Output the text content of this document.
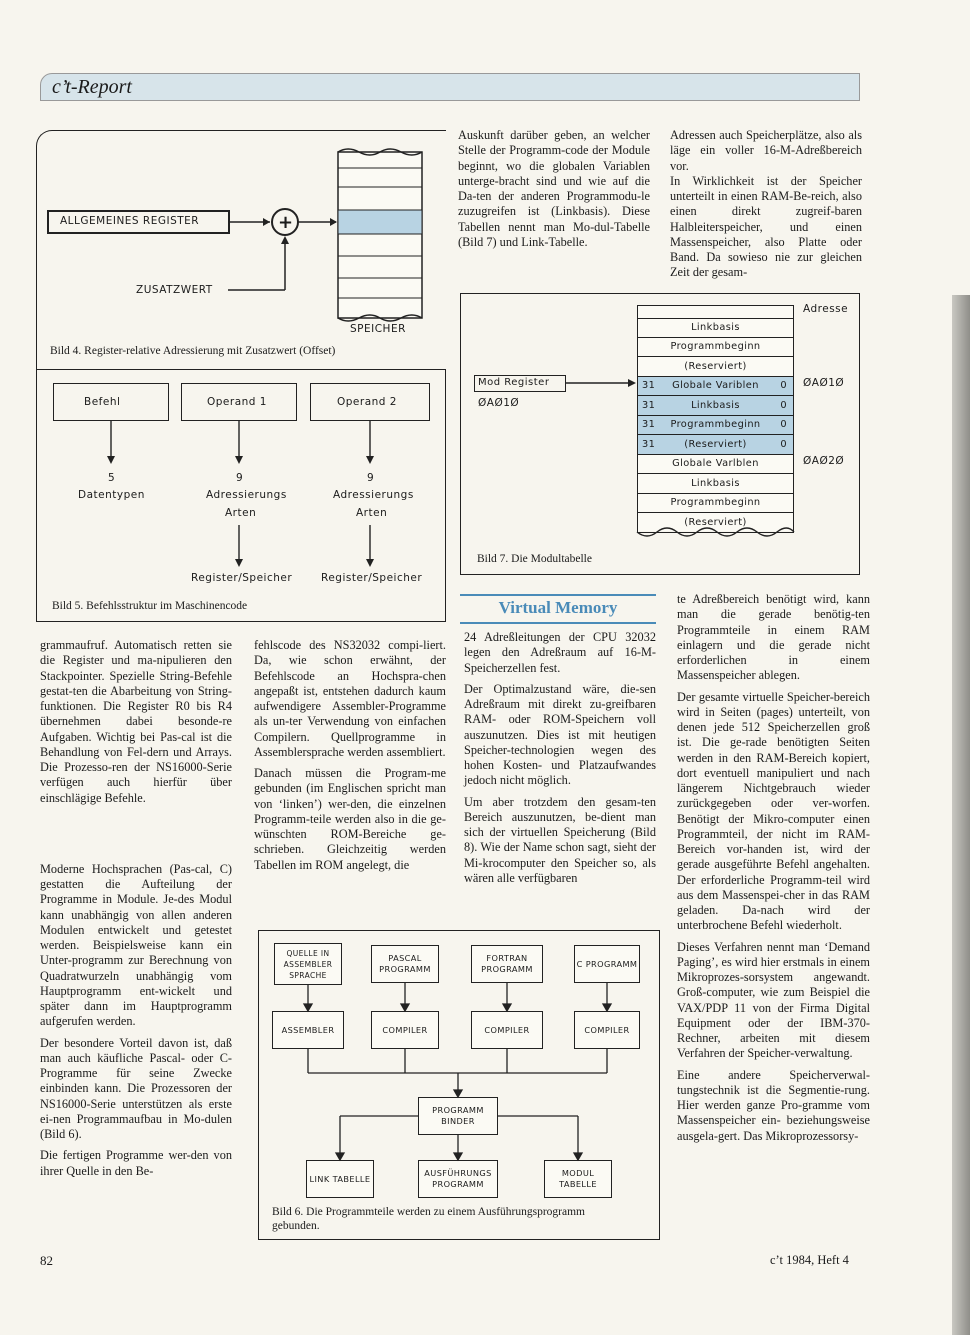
c’t-Report
ALLGEMEINES REGISTER	+
ZUSATZWERT
SPEICHER
Bild 4. Register-relative Adressierung mit Zusatzwert (Offset)
Befehl	Operand 1	Operand 2
5	9	9
Datentypen	Adressierungs	Adressierungs
Arten	Arten
Register/Speicher	Register/Speicher
Bild 5. Befehlsstruktur im Maschinencode
Auskunft darüber geben, an welcher Stelle der Programm-code der Module beginnt, wo die globalen Variablen unterge-bracht sind und wie auf die Da-ten der anderen Programmodu-le zuzugreifen ist (Linkbasis). Diese Tabellen nennt man Mo-dul-Tabelle (Bild 7) und Link-Tabelle.
Adressen auch Speicherplätze, also als läge ein voller 16-M-Adreßbereich vor.
In Wirklichkeit ist der Speicher unterteilt in einen RAM-Be-reich, also einen direkt zugreif-baren Halbleiterspeicher, und einen Massenspeicher, also Platte oder Band. Da sowieso nie zur gleichen Zeit der gesam-
Linkbasis
Programmbeginn
(Reserviert)
31 Globale Variblen 0
31	Linkbasis	0
31 Programmbeginn 0
31	(Reserviert)	0
Globale Varlblen
Linkbasis
Programmbeginn
(Reserviert)
Adresse
Mod Register
ØAØ1Ø
ØAØ1Ø
ØAØ2Ø
Bild 7. Die Modultabelle
Virtual Memory

grammaufruf. Automatisch retten sie die Register und ma-nipulieren den Stackpointer. Spezielle String-Befehle gestat-ten die Abarbeitung von String-funktionen. Die Register R0 bis R4 übernehmen dabei besonde-re Aufgaben. Wichtig bei Pas-cal ist die Behandlung von Fel-dern und Arrays. Die Prozesso-ren der NS16000-Serie verfügen auch hierfür über einschlägige Befehle.

Moderne Hochsprachen (Pas-cal, C) gestatten die Aufteilung der Programme in Module. Je-des Modul kann unabhängig von allen anderen Modulen entwickelt und getestet werden. Beispielsweise kann ein Unter-programm zur Berechnung von Quadratwurzeln unabhängig vom Hauptprogramm ent-wickelt und später dann im Hauptprogramm aufgerufen werden.

Der besondere Vorteil davon ist, daß man auch käufliche Pascal- oder C-Programme für seine Zwecke einbinden kann. Die Prozessoren der NS16000-Serie unterstützen als erste ei-nen Programmaufbau in Mo-dulen (Bild 6).

Die fertigen Programme wer-den von ihrer Quelle in den Be-

fehlscode des NS32032 compi-liert. Da, wie schon erwähnt, der Befehlscode an Hochspra-chen angepaßt ist, entstehen dadurch kaum aufwendigere Assembler-Programme als un-ter Verwendung von einfachen Compilern. Quellprogramme in Assemblersprache werden assembliert.

Danach müssen die Program-me gebunden (im Englischen spricht man von ‘linken’) wer-den, die einzelnen Programm-teile werden also in die ge-wünschten ROM-Bereiche ge-schrieben. Gleichzeitig werden Tabellen im ROM angelegt, die

24 Adreßleitungen der CPU 32032 legen den Adreßraum auf 16-M-Speicherzellen fest.

Der Optimalzustand wäre, die-sen Adreßraum mit direkt zu-greifbaren RAM- oder ROM-Speichern voll auszunutzen. Dies ist mit heutigen Speicher-technologien wegen des hohen Kosten- und Platzaufwandes jedoch nicht möglich.

Um aber trotzdem den gesam-ten Bereich auszunutzen, be-dient man sich der virtuellen Speicherung (Bild 8). Wie der Name schon sagt, sieht der Mi-krocomputer den Speicher so, als wären alle verfügbaren

te Adreßbereich benötigt wird, kann man die gerade benötig-ten Programmteile in einem RAM einlagern und die gerade nicht erforderlichen in einem Massenspeicher ablegen.

Der gesamte virtuelle Speicher-bereich wird in Seiten (pages) unterteilt, von denen jede 512 Speicherzellen groß ist. Die ge-rade benötigten Seiten werden in den RAM-Bereich kopiert, dort eventuell manipuliert und nach längerem Nichtgebrauch wieder zurückgegeben oder ver-worfen. Benötigt der Mikro-computer einen Programmteil, der nicht im RAM-Bereich vor-handen ist, wird der gerade ausgeführte Befehl angehalten. Der erforderliche Programm-teil wird aus dem Massenspei-cher in das RAM geladen. Da-nach wird der unterbrochene Befehl wiederholt.

Dieses Verfahren nennt man ‘Demand Paging’, es wird hier erstmals in einem Mikroprozes-sorsystem angewandt. Groß-computer, wie zum Beispiel die VAX/PDP 11 von der Firma Digital Equipment oder der IBM-370-Rechner, arbeiten mit diesem Verfahren der Speicher-verwaltung.

Eine andere Speicherverwal-tungstechnik ist die Segmentie-rung. Hier werden ganze Pro-gramme vom Massenspeicher ein- beziehungsweise ausgela-gert. Das Mikroprozessorsy-

QUELLE IN ASSEMBLER SPRACHE
PASCAL PROGRAMM
FORTRAN PROGRAMM
C PROGRAMM
ASSEMBLER	COMPILER	COMPILER	COMPILER
PROGRAMM BINDER
LINK TABELLE
AUSFÜHRUNGS PROGRAMM
MODUL TABELLE
Bild 6. Die Programmteile werden zu einem Ausführungsprogramm
gebunden.
82	c’t 1984, Heft 4
